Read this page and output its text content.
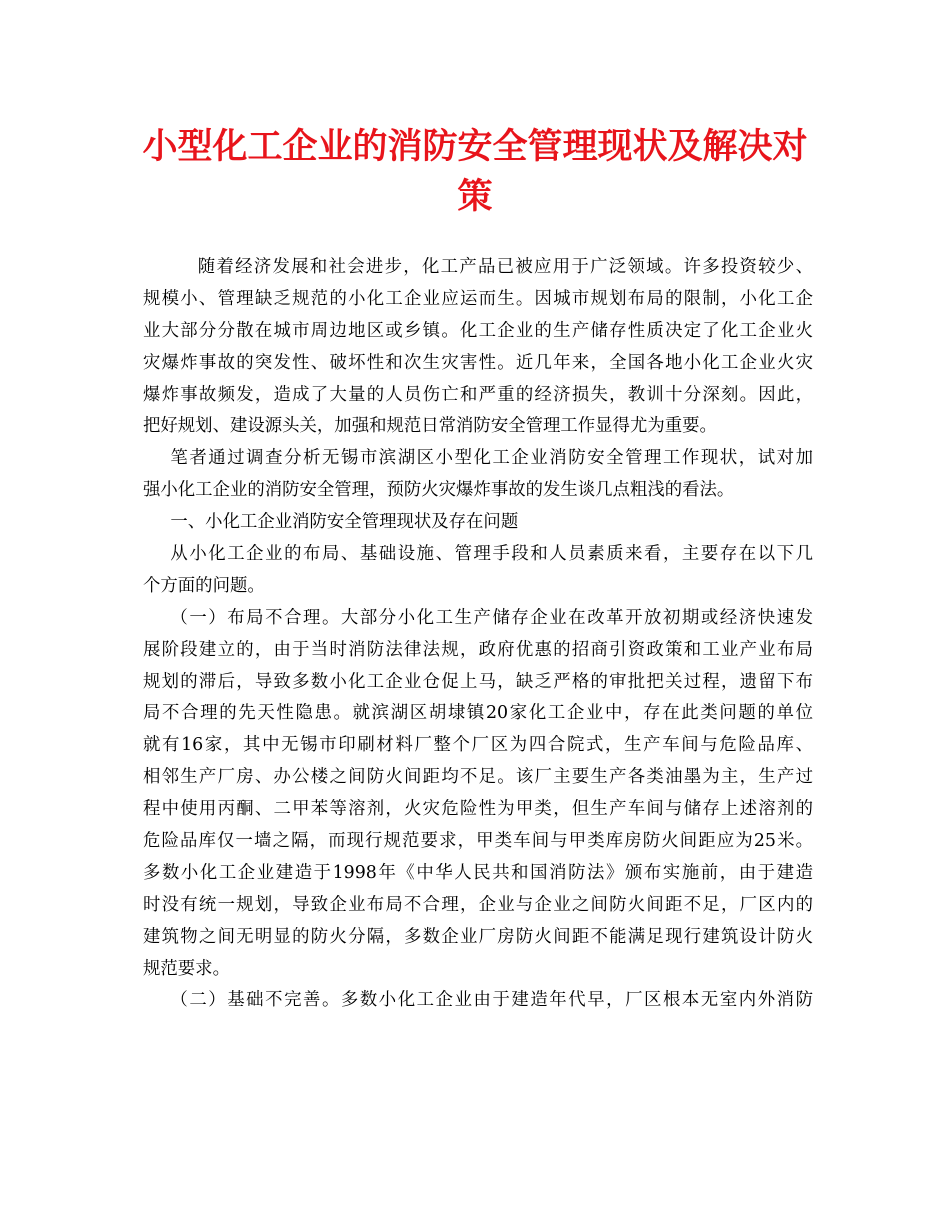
小型化工企业的消防安全管理现状及解决对
策
随着经济发展和社会进步，化工产品已被应用于广泛领域。许多投资较少、
规模小、管理缺乏规范的小化工企业应运而生。因城市规划布局的限制，小化工企
业大部分分散在城市周边地区或乡镇。化工企业的生产储存性质决定了化工企业火
灾爆炸事故的突发性、破坏性和次生灾害性。近几年来，全国各地小化工企业火灾
爆炸事故频发，造成了大量的人员伤亡和严重的经济损失，教训十分深刻。因此，
把好规划、建设源头关，加强和规范日常消防安全管理工作显得尤为重要。
笔者通过调查分析无锡市滨湖区小型化工企业消防安全管理工作现状，试对加
强小化工企业的消防安全管理，预防火灾爆炸事故的发生谈几点粗浅的看法。
一、小化工企业消防安全管理现状及存在问题
从小化工企业的布局、基础设施、管理手段和人员素质来看，主要存在以下几
个方面的问题。
（一）布局不合理。大部分小化工生产储存企业在改革开放初期或经济快速发
展阶段建立的，由于当时消防法律法规，政府优惠的招商引资政策和工业产业布局
规划的滞后，导致多数小化工企业仓促上马，缺乏严格的审批把关过程，遗留下布
局不合理的先天性隐患。就滨湖区胡埭镇20家化工企业中，存在此类问题的单位
就有16家，其中无锡市印刷材料厂整个厂区为四合院式，生产车间与危险品库、
相邻生产厂房、办公楼之间防火间距均不足。该厂主要生产各类油墨为主，生产过
程中使用丙酮、二甲苯等溶剂，火灾危险性为甲类，但生产车间与储存上述溶剂的
危险品库仅一墙之隔，而现行规范要求，甲类车间与甲类库房防火间距应为25米。
多数小化工企业建造于1998年《中华人民共和国消防法》颁布实施前，由于建造
时没有统一规划，导致企业布局不合理，企业与企业之间防火间距不足，厂区内的
建筑物之间无明显的防火分隔，多数企业厂房防火间距不能满足现行建筑设计防火
规范要求。
（二）基础不完善。多数小化工企业由于建造年代早，厂区根本无室内外消防
